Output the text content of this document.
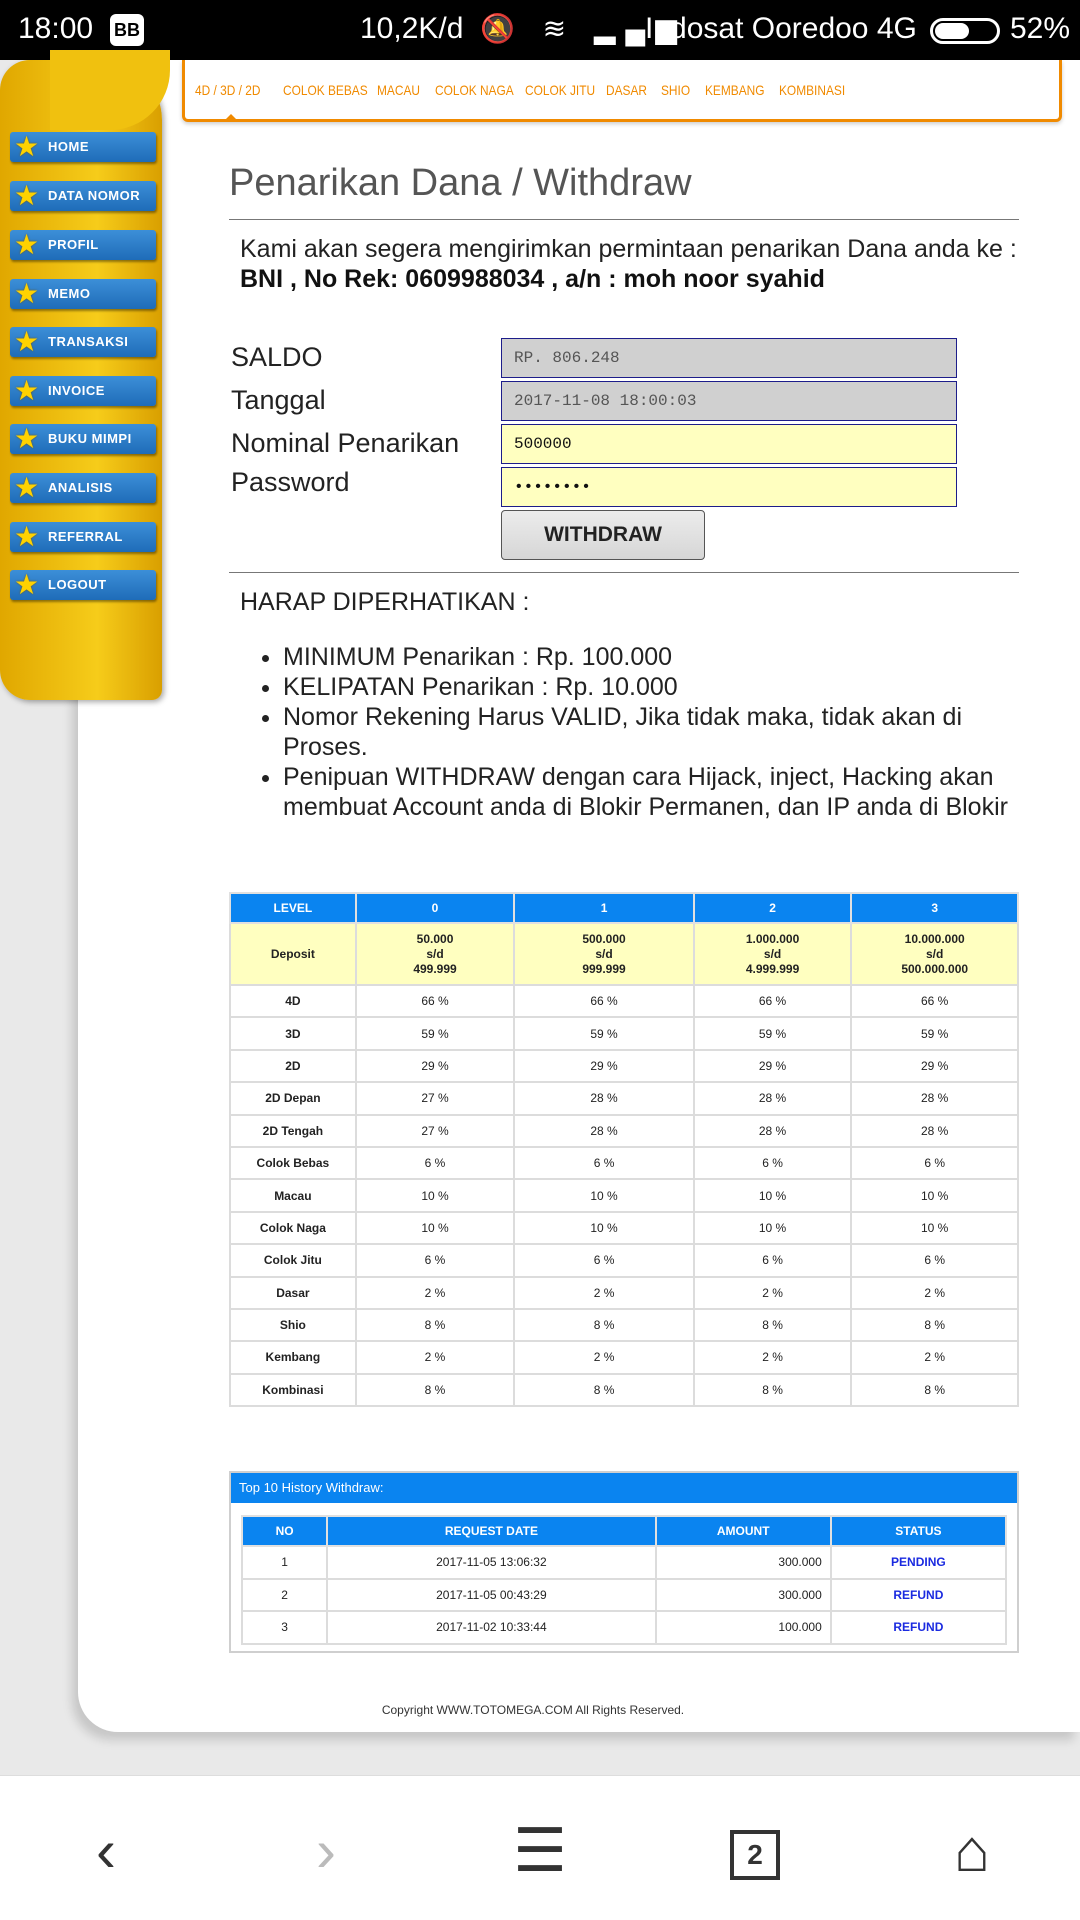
18:00 BB	10,2K/d 🔕 ≋ ▂▄▆
Indosat Ooredoo 4G	52%
★ HOME
★ DATA NOMOR
★ PROFIL
★ MEMO
★ TRANSAKSI
★ INVOICE
★ BUKU MIMPI
★ ANALISIS
★ REFERRAL
★ LOGOUT
4D / 3D / 2D COLOK BEBAS MACAU COLOK NAGA COLOK JITU DASAR SHIO KEMBANG KOMBINASI
Penarikan Dana / Withdraw
Kami akan segera mengirimkan permintaan penarikan Dana anda ke :
BNI , No Rek: 0609988034 , a/n : moh noor syahid
SALDO
RP. 806.248
Tanggal
2017-11-08 18:00:03
Nominal Penarikan
500000
Password
••••••••
WITHDRAW
HARAP DIPERHATIKAN :
• MINIMUM Penarikan : Rp. 100.000
• KELIPATAN Penarikan : Rp. 10.000
• Nomor Rekening Harus VALID, Jika tidak maka, tidak akan di Proses.
• Penipuan WITHDRAW dengan cara Hijack, inject, Hacking akan membuat Account anda di Blokir Permanen, dan IP anda di Blokir
LEVEL	0	1	2	3
Deposit	50.000
s/d
499.999	500.000
s/d
999.999	1.000.000
s/d
4.999.999	10.000.000
s/d
500.000.000
4D	66 %	66 %	66 %	66 %
3D	59 %	59 %	59 %	59 %
2D	29 %	29 %	29 %	29 %
2D Depan	27 %	28 %	28 %	28 %
2D Tengah	27 %	28 %	28 %	28 %
Colok Bebas	6 %	6 %	6 %	6 %
Macau	10 %	10 %	10 %	10 %
Colok Naga	10 %	10 %	10 %	10 %
Colok Jitu	6 %	6 %	6 %	6 %
Dasar	2 %	2 %	2 %	2 %
Shio	8 %	8 %	8 %	8 %
Kembang	2 %	2 %	2 %	2 %
Kombinasi	8 %	8 %	8 %	8 %
Top 10 History Withdraw:
NO	REQUEST DATE	AMOUNT	STATUS
1	2017-11-05 13:06:32	300.000	PENDING
2	2017-11-05 00:43:29	300.000	REFUND
3	2017-11-02 10:33:44	100.000	REFUND
Copyright WWW.TOTOMEGA.COM All Rights Reserved.
‹	›	☰	2	⌂
